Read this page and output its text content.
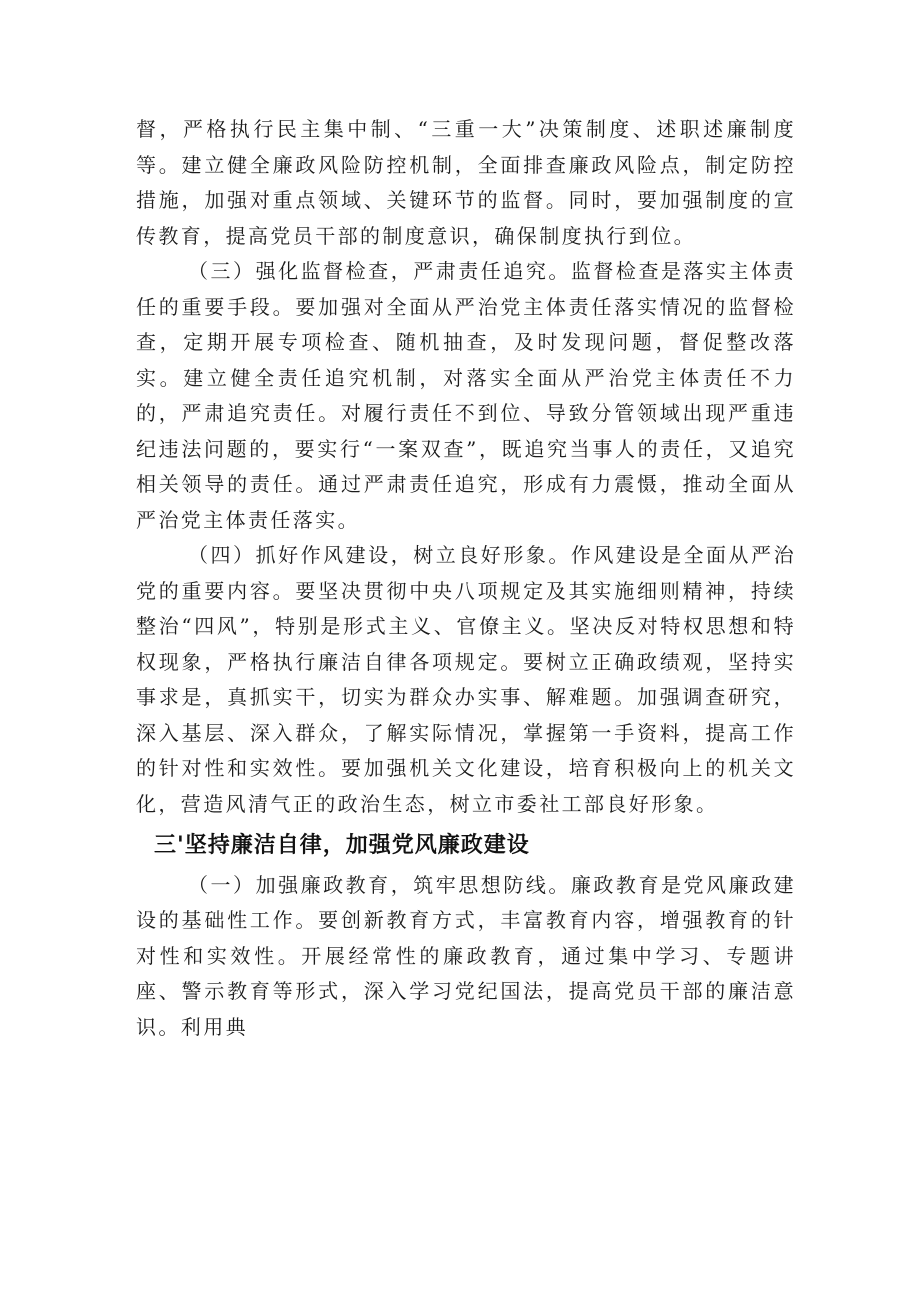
督，严格执行民主集中制、“三重一大”决策制度、述职述廉制度等。建立健全廉政风险防控机制，全面排查廉政风险点，制定防控措施，加强对重点领域、关键环节的监督。同时，要加强制度的宣传教育，提高党员干部的制度意识，确保制度执行到位。

（三）强化监督检查，严肃责任追究。监督检查是落实主体责任的重要手段。要加强对全面从严治党主体责任落实情况的监督检查，定期开展专项检查、随机抽查，及时发现问题，督促整改落实。建立健全责任追究机制，对落实全面从严治党主体责任不力的，严肃追究责任。对履行责任不到位、导致分管领域出现严重违纪违法问题的，要实行“一案双查”，既追究当事人的责任，又追究相关领导的责任。通过严肃责任追究，形成有力震慑，推动全面从严治党主体责任落实。

（四）抓好作风建设，树立良好形象。作风建设是全面从严治党的重要内容。要坚决贯彻中央八项规定及其实施细则精神，持续整治“四风”，特别是形式主义、官僚主义。坚决反对特权思想和特权现象，严格执行廉洁自律各项规定。要树立正确政绩观，坚持实事求是，真抓实干，切实为群众办实事、解难题。加强调查研究，深入基层、深入群众，了解实际情况，掌握第一手资料，提高工作的针对性和实效性。要加强机关文化建设，培育积极向上的机关文化，营造风清气正的政治生态，树立市委社工部良好形象。

三'坚持廉洁自律，加强党风廉政建设

（一）加强廉政教育，筑牢思想防线。廉政教育是党风廉政建设的基础性工作。要创新教育方式，丰富教育内容，增强教育的针对性和实效性。开展经常性的廉政教育，通过集中学习、专题讲座、警示教育等形式，深入学习党纪国法，提高党员干部的廉洁意识。利用典
